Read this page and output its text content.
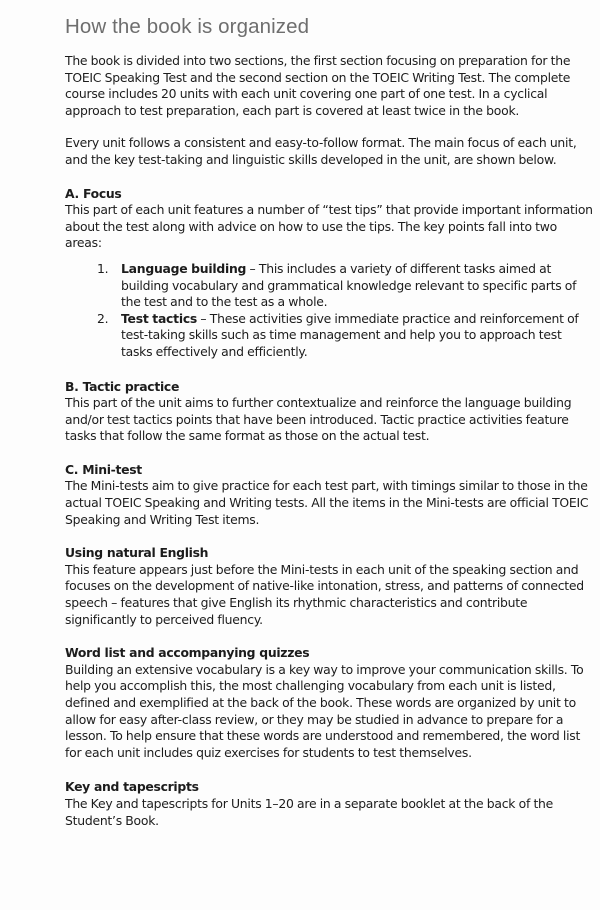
How the book is organized

The book is divided into two sections, the first section focusing on preparation for the TOEIC Speaking Test and the second section on the TOEIC Writing Test. The complete course includes 20 units with each unit covering one part of one test. In a cyclical approach to test preparation, each part is covered at least twice in the book.

Every unit follows a consistent and easy-to-follow format. The main focus of each unit, and the key test-taking and linguistic skills developed in the unit, are shown below.

A. Focus
This part of each unit features a number of “test tips” that provide important information about the test along with advice on how to use the tips. The key points fall into two areas:
1.	Language building – This includes a variety of different tasks aimed at building vocabulary and grammatical knowledge relevant to specific parts of the test and to the test as a whole.
2.	Test tactics – These activities give immediate practice and reinforcement of test-taking skills such as time management and help you to approach test tasks effectively and efficiently.
B. Tactic practice
This part of the unit aims to further contextualize and reinforce the language building and/or test tactics points that have been introduced. Tactic practice activities feature tasks that follow the same format as those on the actual test.
C. Mini-test
The Mini-tests aim to give practice for each test part, with timings similar to those in the actual TOEIC Speaking and Writing tests. All the items in the Mini-tests are official TOEIC Speaking and Writing Test items.
Using natural English
This feature appears just before the Mini-tests in each unit of the speaking section and focuses on the development of native-like intonation, stress, and patterns of connected speech – features that give English its rhythmic characteristics and contribute significantly to perceived fluency.
Word list and accompanying quizzes
Building an extensive vocabulary is a key way to improve your communication skills. To help you accomplish this, the most challenging vocabulary from each unit is listed, defined and exemplified at the back of the book. These words are organized by unit to allow for easy after-class review, or they may be studied in advance to prepare for a lesson. To help ensure that these words are understood and remembered, the word list for each unit includes quiz exercises for students to test themselves.
Key and tapescripts
The Key and tapescripts for Units 1–20 are in a separate booklet at the back of the Student’s Book.
